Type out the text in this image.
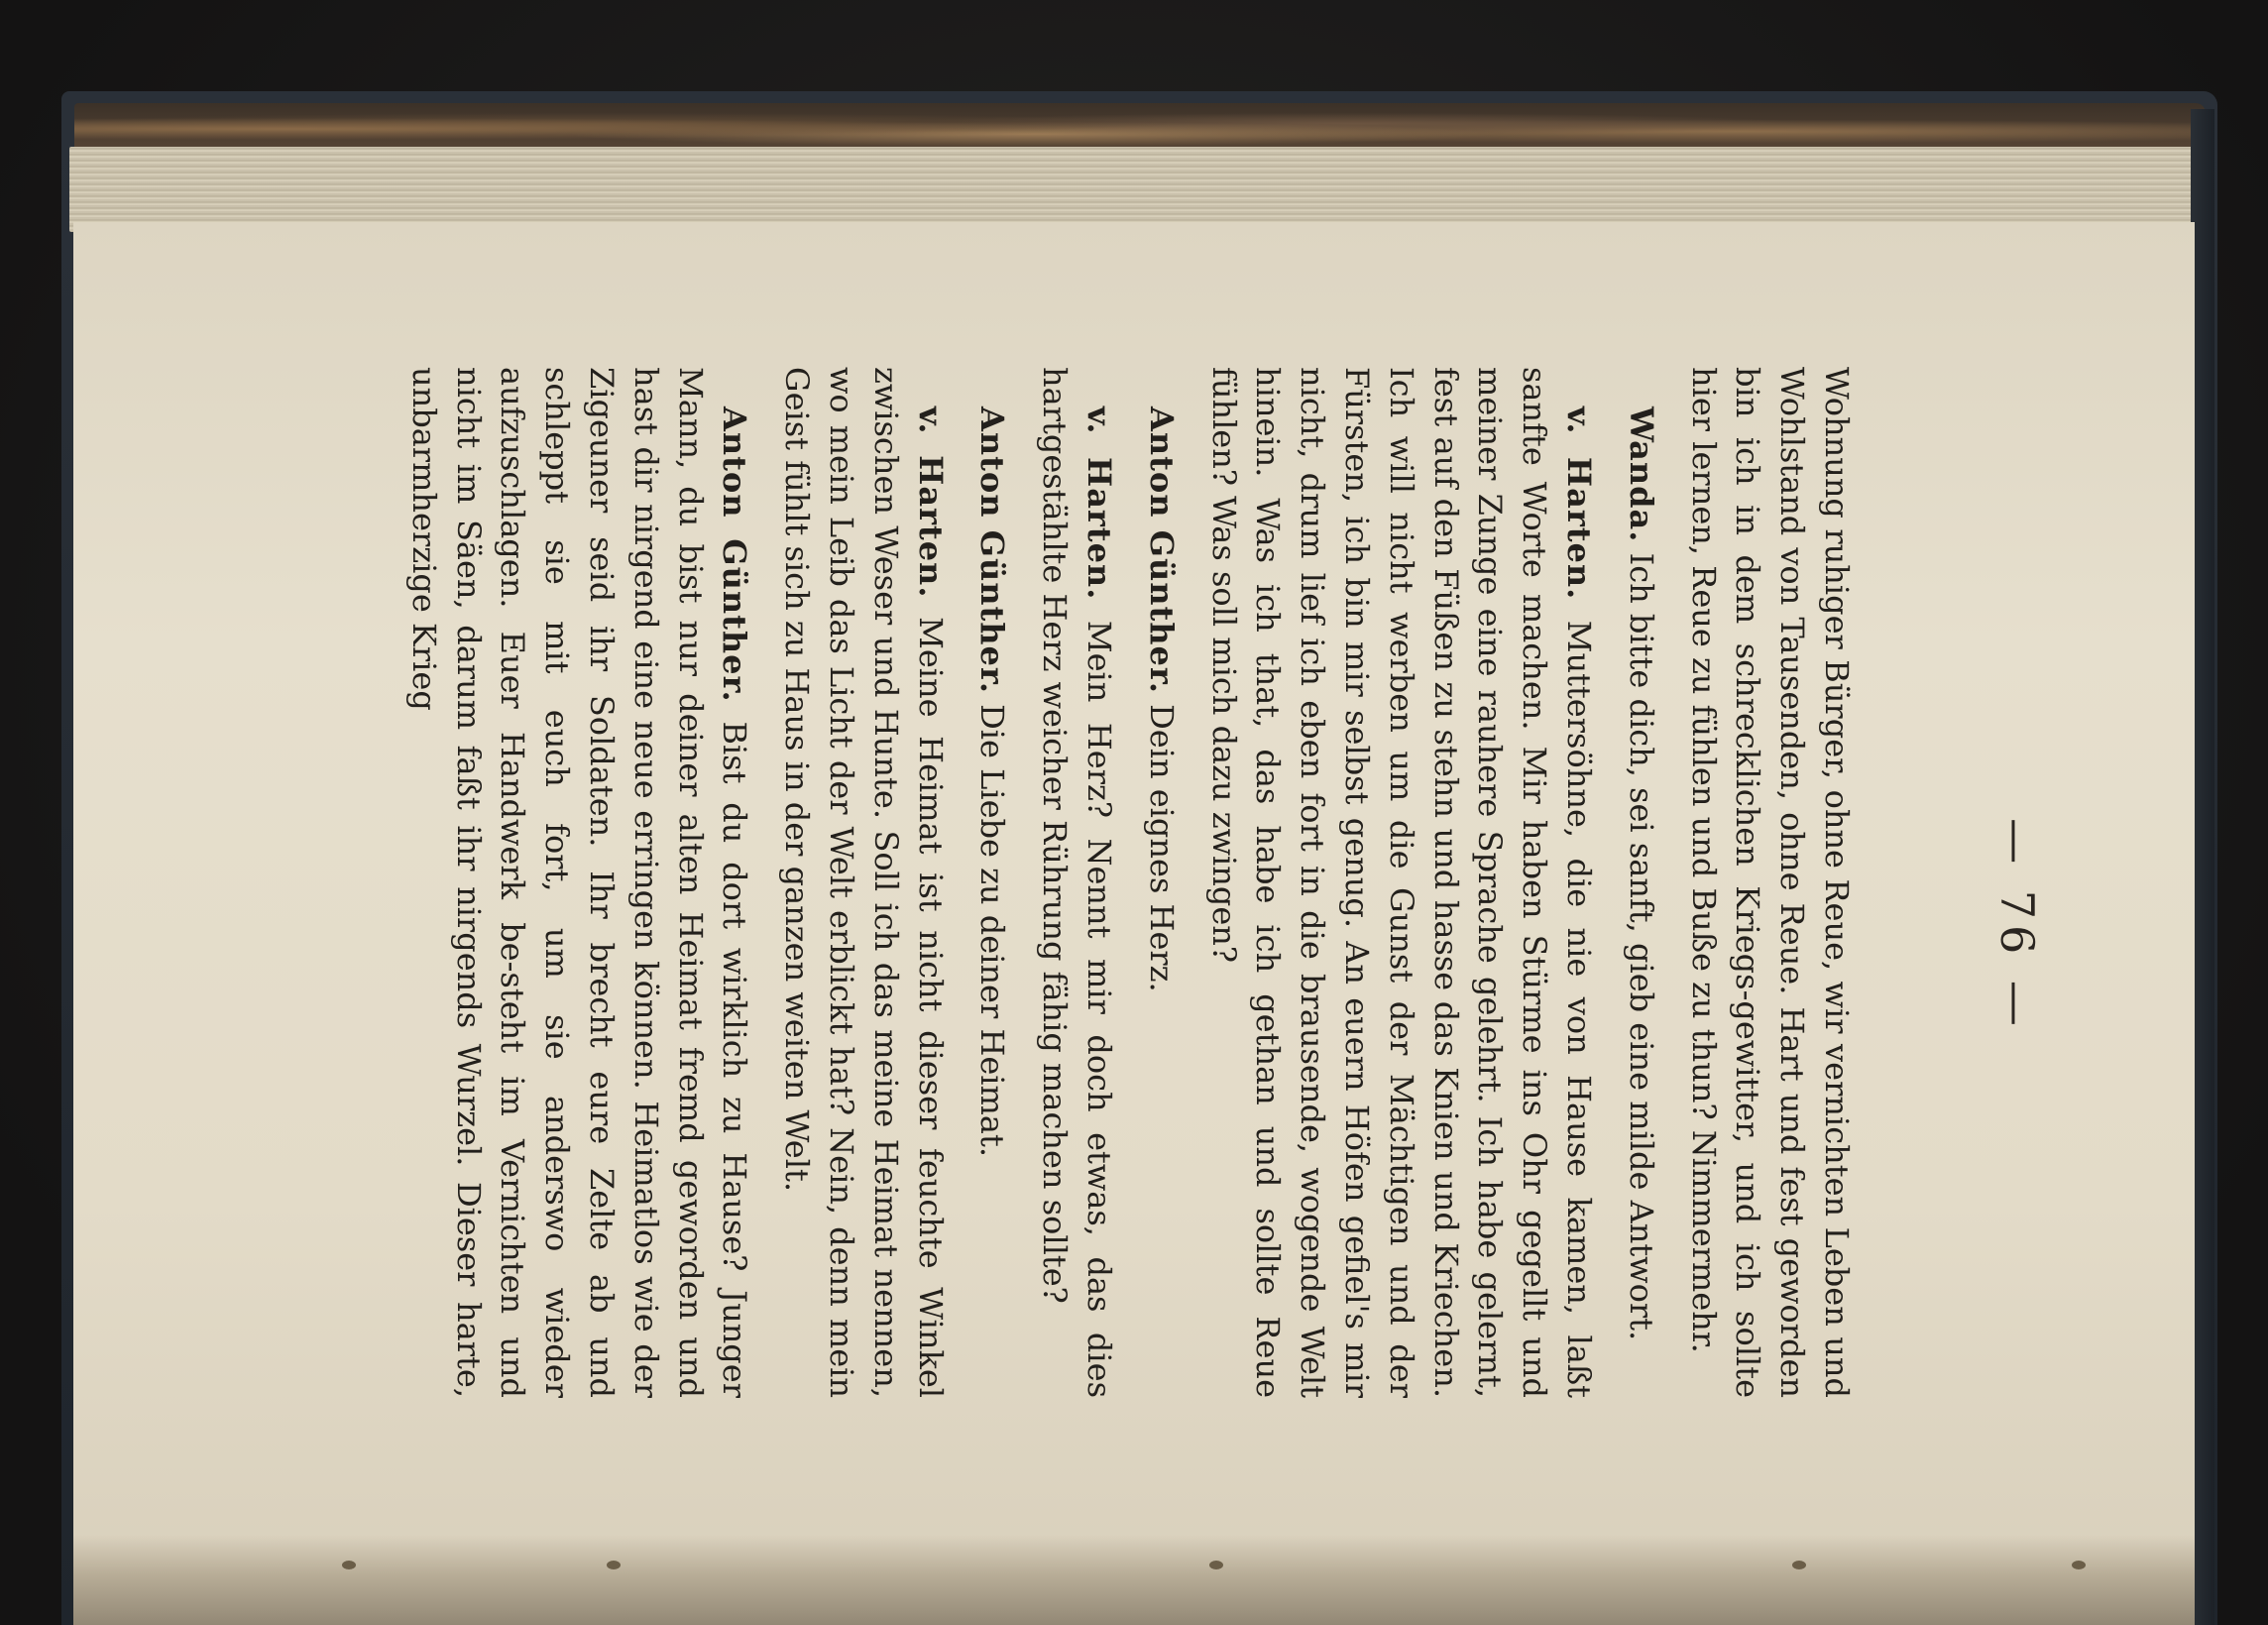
— 76 —

Wohnung ruhiger Bürger, ohne Reue, wir vernichten Leben und Wohlstand von Tausenden, ohne Reue. Hart und fest geworden bin ich in dem schrecklichen Kriegs-gewitter, und ich sollte hier lernen, Reue zu fühlen und Buße zu thun? Nimmermehr.

Wanda. Ich bitte dich, sei sanft, gieb eine milde Antwort.

v. Harten. Muttersöhne, die nie von Hause kamen, laßt sanfte Worte machen. Mir haben Stürme ins Ohr gegellt und meiner Zunge eine rauhere Sprache gelehrt. Ich habe gelernt, fest auf den Füßen zu stehn und hasse das Knien und Kriechen. Ich will nicht werben um die Gunst der Mächtigen und der Fürsten, ich bin mir selbst genug. An euern Höfen gefiel's mir nicht, drum lief ich eben fort in die brausende, wogende Welt hinein. Was ich that, das habe ich gethan und sollte Reue fühlen? Was soll mich dazu zwingen?

Anton Günther. Dein eignes Herz.

v. Harten. Mein Herz? Nennt mir doch etwas, das dies hartgestählte Herz weicher Rührung fähig machen sollte?

Anton Günther. Die Liebe zu deiner Heimat.

v. Harten. Meine Heimat ist nicht dieser feuchte Winkel zwischen Weser und Hunte. Soll ich das meine Heimat nennen, wo mein Leib das Licht der Welt erblickt hat? Nein, denn mein Geist fühlt sich zu Haus in der ganzen weiten Welt.

Anton Günther. Bist du dort wirklich zu Hause? Junger Mann, du bist nur deiner alten Heimat fremd geworden und hast dir nirgend eine neue erringen können. Heimatlos wie der Zigeuner seid ihr Soldaten. Ihr brecht eure Zelte ab und schleppt sie mit euch fort, um sie anderswo wieder aufzuschlagen. Euer Handwerk be-steht im Vernichten und nicht im Säen, darum faßt ihr nirgends Wurzel. Dieser harte, unbarmherzige Krieg
